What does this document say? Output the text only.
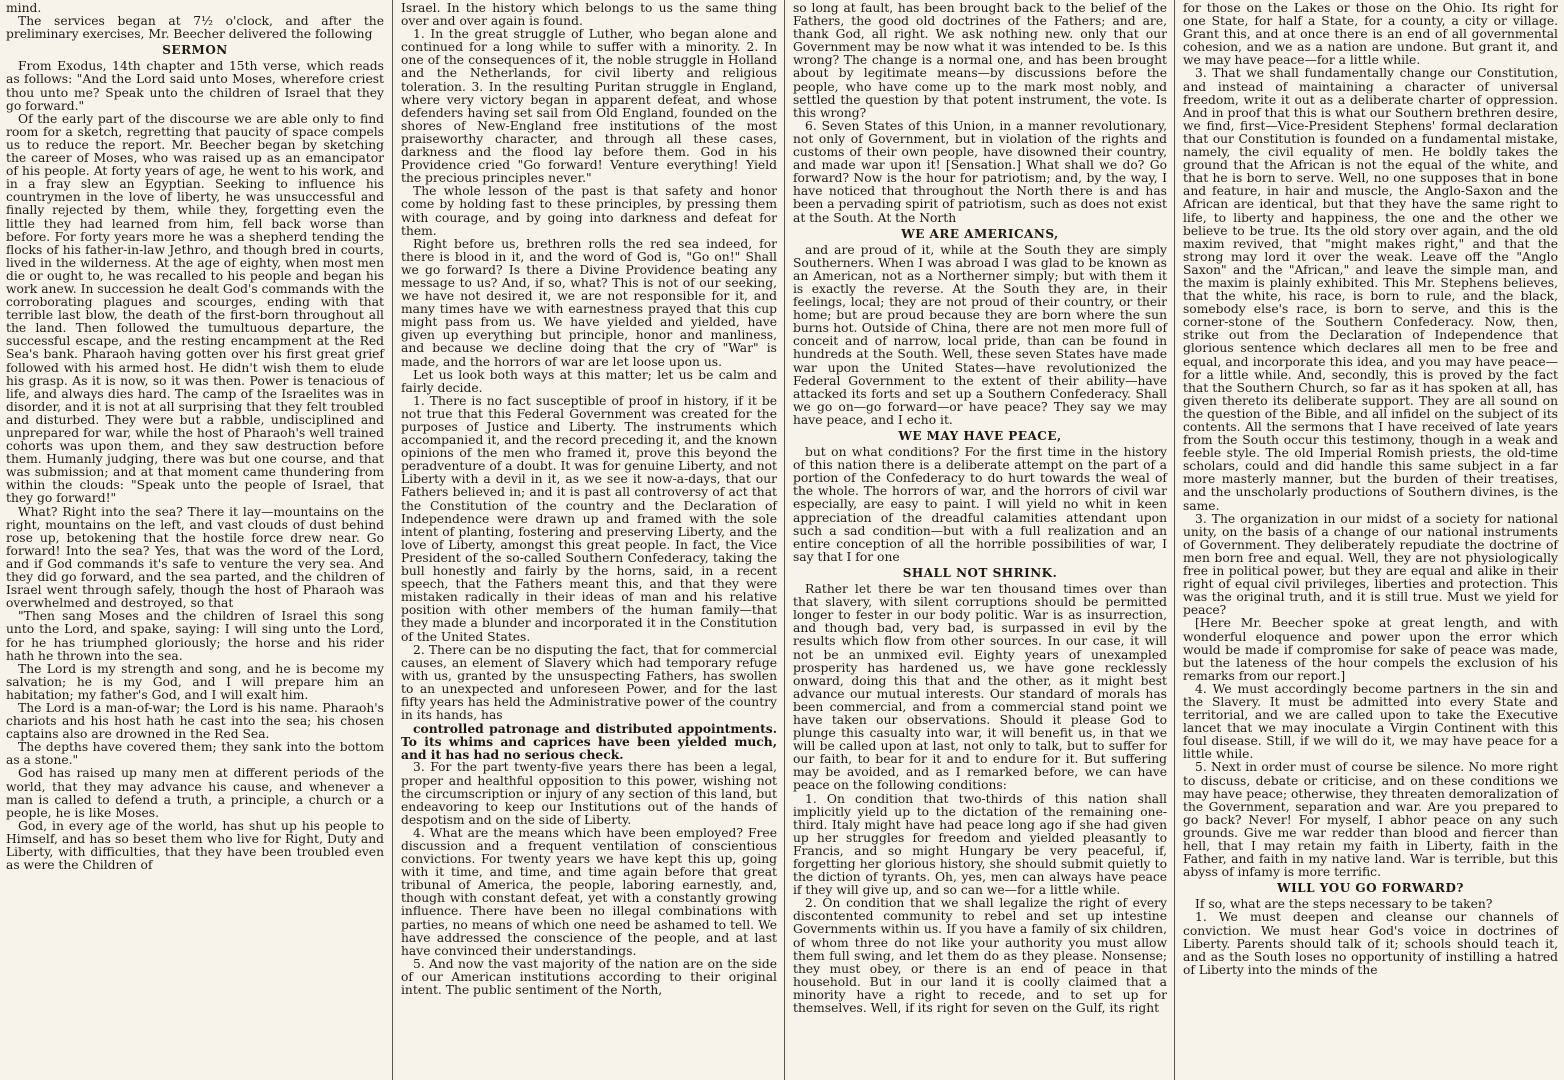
mind.

The services began at 7½ o'clock, and after the preliminary exercises, Mr. Beecher delivered the following

SERMON

From Exodus, 14th chapter and 15th verse, which reads as follows: "And the Lord said unto Moses, wherefore criest thou unto me? Speak unto the children of Israel that they go forward."

Of the early part of the discourse we are able only to find room for a sketch, regretting that paucity of space compels us to reduce the report. Mr. Beecher began by sketching the career of Moses, who was raised up as an emancipator of his people. At forty years of age, he went to his work, and in a fray slew an Egyptian. Seeking to influence his countrymen in the love of liberty, he was unsuccessful and finally rejected by them, while they, forgetting even the little they had learned from him, fell back worse than before. For forty years more he was a shepherd tending the flocks of his father-in-law Jethro, and though bred in courts, lived in the wilderness. At the age of eighty, when most men die or ought to, he was recalled to his people and began his work anew. In succession he dealt God's commands with the corroborating plagues and scourges, ending with that terrible last blow, the death of the first-born throughout all the land. Then followed the tumultuous departure, the successful escape, and the resting encampment at the Red Sea's bank. Pharaoh having gotten over his first great grief followed with his armed host. He didn't wish them to elude his grasp. As it is now, so it was then. Power is tenacious of life, and always dies hard. The camp of the Israelites was in disorder, and it is not at all surprising that they felt troubled and disturbed. They were but a rabble, undisciplined and unprepared for war, while the host of Pharaoh's well trained cohorts was upon them, and they saw destruction before them. Humanly judging, there was but one course, and that was submission; and at that moment came thundering from within the clouds: "Speak unto the people of Israel, that they go forward!"

What? Right into the sea? There it lay—mountains on the right, mountains on the left, and vast clouds of dust behind rose up, betokening that the hostile force drew near. Go forward! Into the sea? Yes, that was the word of the Lord, and if God commands it's safe to venture the very sea. And they did go forward, and the sea parted, and the children of Israel went through safely, though the host of Pharaoh was overwhelmed and destroyed, so that

"Then sang Moses and the children of Israel this song unto the Lord, and spake, saying: I will sing unto the Lord, for he has triumphed gloriously; the horse and his rider hath he thrown into the sea.

The Lord is my strength and song, and he is become my salvation; he is my God, and I will prepare him an habitation; my father's God, and I will exalt him.

The Lord is a man-of-war; the Lord is his name. Pharaoh's chariots and his host hath he cast into the sea; his chosen captains also are drowned in the Red Sea.

The depths have covered them; they sank into the bottom as a stone."

God has raised up many men at different periods of the world, that they may advance his cause, and whenever a man is called to defend a truth, a principle, a church or a people, he is like Moses.

God, in every age of the world, has shut up his people to Himself, and has so beset them who live for Right, Duty and Liberty, with difficulties, that they have been troubled even as were the Children of

Israel. In the history which belongs to us the same thing over and over again is found.

1. In the great struggle of Luther, who began alone and continued for a long while to suffer with a minority. 2. In one of the consequences of it, the noble struggle in Holland and the Netherlands, for civil liberty and religious toleration. 3. In the resulting Puritan struggle in England, where very victory began in apparent defeat, and whose defenders having set sail from Old England, founded on the shores of New-England free institutions of the most praiseworthy character, and through all these cases, darkness and the flood lay before them. God in his Providence cried "Go forward! Venture everything! Yield the precious principles never."

The whole lesson of the past is that safety and honor come by holding fast to these principles, by pressing them with courage, and by going into darkness and defeat for them.

Right before us, brethren rolls the red sea indeed, for there is blood in it, and the word of God is, "Go on!" Shall we go forward? Is there a Divine Providence beating any message to us? And, if so, what? This is not of our seeking, we have not desired it, we are not responsible for it, and many times have we with earnestness prayed that this cup might pass from us. We have yielded and yielded, have given up everything but principle, honor and manliness, and because we decline doing that the cry of "War" is made, and the horrors of war are let loose upon us.

Let us look both ways at this matter; let us be calm and fairly decide.

1. There is no fact susceptible of proof in history, if it be not true that this Federal Government was created for the purposes of Justice and Liberty. The instruments which accompanied it, and the record preceding it, and the known opinions of the men who framed it, prove this beyond the peradventure of a doubt. It was for genuine Liberty, and not Liberty with a devil in it, as we see it now-a-days, that our Fathers believed in; and it is past all controversy of act that the Constitution of the country and the Declaration of Independence were drawn up and framed with the sole intent of planting, fostering and preserving Liberty, and the love of Liberty, amongst this great people. In fact, the Vice President of the so-called Southern Confederacy, taking the bull honestly and fairly by the horns, said, in a recent speech, that the Fathers meant this, and that they were mistaken radically in their ideas of man and his relative position with other members of the human family—that they made a blunder and incorporated it in the Constitution of the United States.

2. There can be no disputing the fact, that for commercial causes, an element of Slavery which had temporary refuge with us, granted by the unsuspecting Fathers, has swollen to an unexpected and unforeseen Power, and for the last fifty years has held the Administrative power of the country in its hands, has

controlled patronage and distributed appointments. To its whims and caprices have been yielded much, and it has had no serious check.

3. For the part twenty-five years there has been a legal, proper and healthful opposition to this power, wishing not the circumscription or injury of any section of this land, but endeavoring to keep our Institutions out of the hands of despotism and on the side of Liberty.

4. What are the means which have been employed? Free discussion and a frequent ventilation of conscientious convictions. For twenty years we have kept this up, going with it time, and time, and time again before that great tribunal of America, the people, laboring earnestly, and, though with constant defeat, yet with a constantly growing influence. There have been no illegal combinations with parties, no means of which one need be ashamed to tell. We have addressed the conscience of the people, and at last have convinced their understandings.

5. And now the vast majority of the nation are on the side of our American institutions according to their original intent. The public sentiment of the North,

so long at fault, has been brought back to the belief of the Fathers, the good old doctrines of the Fathers; and are, thank God, all right. We ask nothing new. only that our Government may be now what it was intended to be. Is this wrong? The change is a normal one, and has been brought about by legitimate means—by discussions before the people, who have come up to the mark most nobly, and settled the question by that potent instrument, the vote. Is this wrong?

6. Seven States of this Union, in a manner revolutionary, not only of Government, but in violation of the rights and customs of their own people, have disowned their country, and made war upon it! [Sensation.] What shall we do? Go forward? Now is the hour for patriotism; and, by the way, I have noticed that throughout the North there is and has been a pervading spirit of patriotism, such as does not exist at the South. At the North

WE ARE AMERICANS,

and are proud of it, while at the South they are simply Southerners. When I was abroad I was glad to be known as an American, not as a Northerner simply; but with them it is exactly the reverse. At the South they are, in their feelings, local; they are not proud of their country, or their home; but are proud because they are born where the sun burns hot. Outside of China, there are not men more full of conceit and of narrow, local pride, than can be found in hundreds at the South. Well, these seven States have made war upon the United States—have revolutionized the Federal Government to the extent of their ability—have attacked its forts and set up a Southern Confederacy. Shall we go on—go forward—or have peace? They say we may have peace, and I echo it.

WE MAY HAVE PEACE,

but on what conditions? For the first time in the history of this nation there is a deliberate attempt on the part of a portion of the Confederacy to do hurt towards the weal of the whole. The horrors of war, and the horrors of civil war especially, are easy to paint. I will yield no whit in keen appreciation of the dreadful calamities attendant upon such a sad condition—but with a full realization and an entire conception of all the horrible possibilities of war, I say that I for one

SHALL NOT SHRINK.

Rather let there be war ten thousand times over than that slavery, with silent corruptions should be permitted longer to fester in our body politic. War is as insurrection, and though bad, very bad, is surpassed in evil by the results which flow from other sources. In our case, it will not be an unmixed evil. Eighty years of unexampled prosperity has hardened us, we have gone recklessly onward, doing this that and the other, as it might best advance our mutual interests. Our standard of morals has been commercial, and from a commercial stand point we have taken our observations. Should it please God to plunge this casualty into war, it will benefit us, in that we will be called upon at last, not only to talk, but to suffer for our faith, to bear for it and to endure for it. But suffering may be avoided, and as I remarked before, we can have peace on the following conditions:

1. On condition that two-thirds of this nation shall implicitly yield up to the dictation of the remaining one-third. Italy might have had peace long ago if she had given up her struggles for freedom and yielded pleasantly to Francis, and so might Hungary be very peaceful, if, forgetting her glorious history, she should submit quietly to the diction of tyrants. Oh, yes, men can always have peace if they will give up, and so can we—for a little while.

2. On condition that we shall legalize the right of every discontented community to rebel and set up intestine Governments within us. If you have a family of six children, of whom three do not like your authority you must allow them full swing, and let them do as they please. Nonsense; they must obey, or there is an end of peace in that household. But in our land it is coolly claimed that a minority have a right to recede, and to set up for themselves. Well, if its right for seven on the Gulf, its right

for those on the Lakes or those on the Ohio. Its right for one State, for half a State, for a county, a city or village. Grant this, and at once there is an end of all governmental cohesion, and we as a nation are undone. But grant it, and we may have peace—for a little while.

3. That we shall fundamentally change our Constitution, and instead of maintaining a character of universal freedom, write it out as a deliberate charter of oppression. And in proof that this is what our Southern brethren desire, we find, first—Vice-President Stephens' formal declaration that our Constitution is founded on a fundamental mistake, namely, the civil equality of men. He boldly takes the ground that the African is not the equal of the white, and that he is born to serve. Well, no one supposes that in bone and feature, in hair and muscle, the Anglo-Saxon and the African are identical, but that they have the same right to life, to liberty and happiness, the one and the other we believe to be true. Its the old story over again, and the old maxim revived, that "might makes right," and that the strong may lord it over the weak. Leave off the "Anglo Saxon" and the "African," and leave the simple man, and the maxim is plainly exhibited. This Mr. Stephens believes, that the white, his race, is born to rule, and the black, somebody else's race, is born to serve, and this is the corner-stone of the Southern Confederacy. Now, then, strike out from the Declaration of Independence that glorious sentence which declares all men to be free and equal, and incorporate this idea, and you may have peace—for a little while. And, secondly, this is proved by the fact that the Southern Church, so far as it has spoken at all, has given thereto its deliberate support. They are all sound on the question of the Bible, and all infidel on the subject of its contents. All the sermons that I have received of late years from the South occur this testimony, though in a weak and feeble style. The old Imperial Romish priests, the old-time scholars, could and did handle this same subject in a far more masterly manner, but the burden of their treatises, and the unscholarly productions of Southern divines, is the same.

3. The organization in our midst of a society for national unity, on the basis of a change of our national instruments of Government. They deliberately repudiate the doctrine of men born free and equal. Well, they are not physiologically free in political power, but they are equal and alike in their right of equal civil privileges, liberties and protection. This was the original truth, and it is still true. Must we yield for peace?

[Here Mr. Beecher spoke at great length, and with wonderful eloquence and power upon the error which would be made if compromise for sake of peace was made, but the lateness of the hour compels the exclusion of his remarks from our report.]

4. We must accordingly become partners in the sin and the Slavery. It must be admitted into every State and territorial, and we are called upon to take the Executive lancet that we may inoculate a Virgin Continent with this foul disease. Still, if we will do it, we may have peace for a little while.

5. Next in order must of course be silence. No more right to discuss, debate or criticise, and on these conditions we may have peace; otherwise, they threaten demoralization of the Government, separation and war. Are you prepared to go back? Never! For myself, I abhor peace on any such grounds. Give me war redder than blood and fiercer than hell, that I may retain my faith in Liberty, faith in the Father, and faith in my native land. War is terrible, but this abyss of infamy is more terrific.

WILL YOU GO FORWARD?

If so, what are the steps necessary to be taken?

1. We must deepen and cleanse our channels of conviction. We must hear God's voice in doctrines of Liberty. Parents should talk of it; schools should teach it, and as the South loses no opportunity of instilling a hatred of Liberty into the minds of the
